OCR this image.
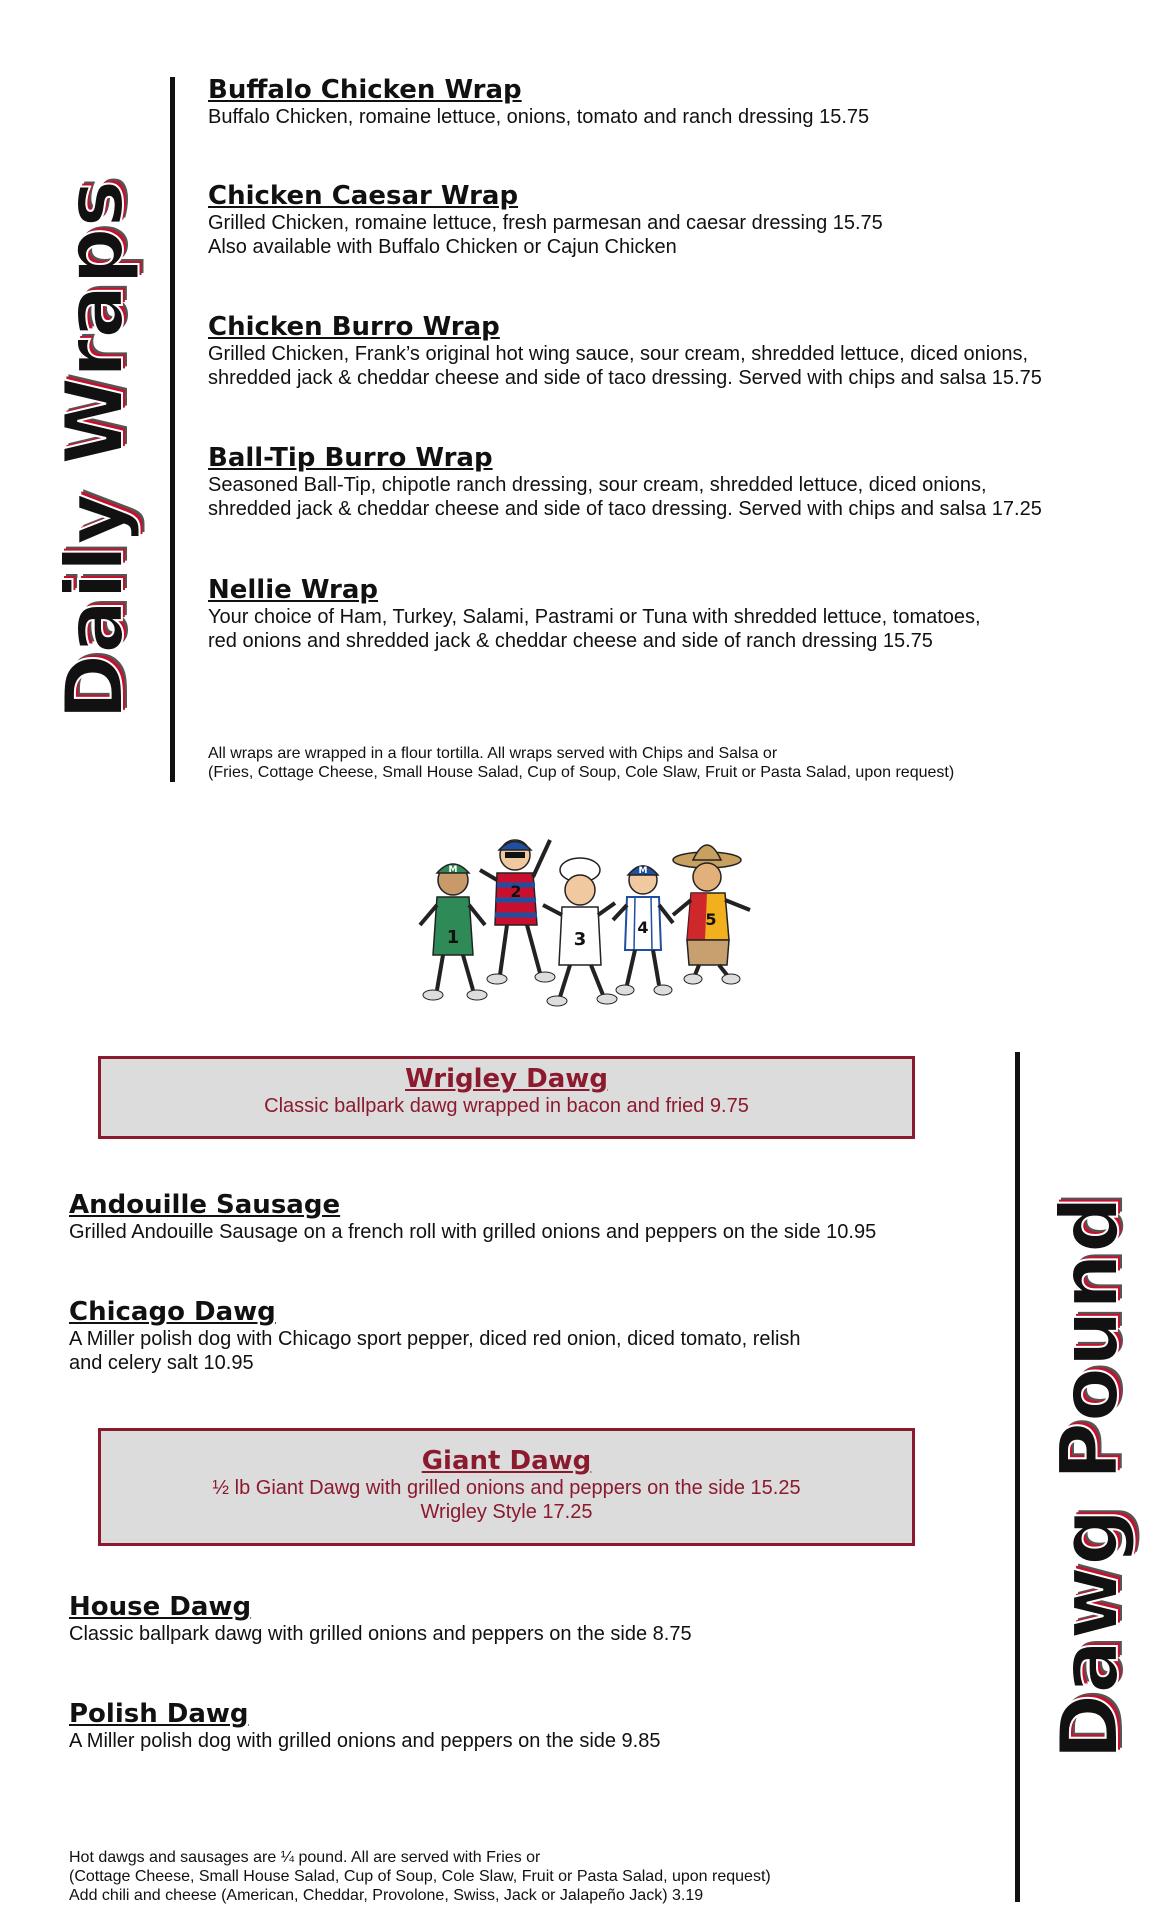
Daily Wraps
Buffalo Chicken Wrap
Buffalo Chicken, romaine lettuce, onions, tomato and ranch dressing 15.75
Chicken Caesar Wrap
Grilled Chicken, romaine lettuce, fresh parmesan and caesar dressing 15.75
Also available with Buffalo Chicken or Cajun Chicken
Chicken Burro Wrap
Grilled Chicken, Frank’s original hot wing sauce, sour cream, shredded lettuce, diced onions,
shredded jack & cheddar cheese and side of taco dressing. Served with chips and salsa 15.75
Ball-Tip Burro Wrap
Seasoned Ball-Tip, chipotle ranch dressing, sour cream, shredded lettuce, diced onions,
shredded jack & cheddar cheese and side of taco dressing. Served with chips and salsa 17.25
Nellie Wrap
Your choice of Ham, Turkey, Salami, Pastrami or Tuna with shredded lettuce, tomatoes,
red onions and shredded jack & cheddar cheese and side of ranch dressing 15.75
All wraps are wrapped in a flour tortilla. All wraps served with Chips and Salsa or
(Fries, Cottage Cheese, Small House Salad, Cup of Soup, Cole Slaw, Fruit or Pasta Salad, upon request)
M
1
2
3
M
4	5
Dawg Pound
Wrigley Dawg
Classic ballpark dawg wrapped in bacon and fried 9.75
Andouille Sausage
Grilled Andouille Sausage on a french roll with grilled onions and peppers on the side 10.95
Chicago Dawg
A Miller polish dog with Chicago sport pepper, diced red onion, diced tomato, relish
and celery salt 10.95
Giant Dawg
½ lb Giant Dawg with grilled onions and peppers on the side 15.25
Wrigley Style 17.25
House Dawg
Classic ballpark dawg with grilled onions and peppers on the side 8.75
Polish Dawg
A Miller polish dog with grilled onions and peppers on the side 9.85
Hot dawgs and sausages are ¼ pound. All are served with Fries or
(Cottage Cheese, Small House Salad, Cup of Soup, Cole Slaw, Fruit or Pasta Salad, upon request)
Add chili and cheese (American, Cheddar, Provolone, Swiss, Jack or Jalapeño Jack) 3.19
